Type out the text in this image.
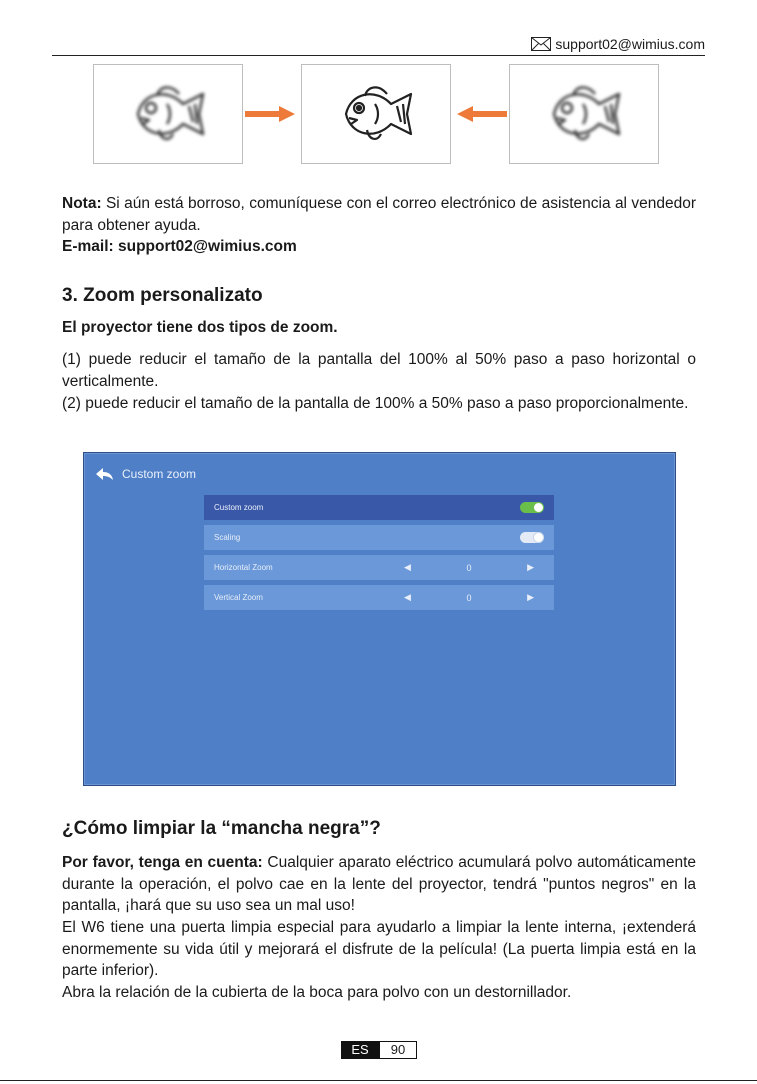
support02@wimius.com
Nota: Si aún está borroso, comuníquese con el correo electrónico de asistencia al vendedor para obtener ayuda.
E-mail: support02@wimius.com
3. Zoom personalizato
El proyector tiene dos tipos de zoom.
(1) puede reducir el tamaño de la pantalla del 100% al 50% paso a paso horizontal o verticalmente.
(2) puede reducir el tamaño de la pantalla de 100% a 50% paso a paso proporcionalmente.
Custom zoom
Custom zoom
Scaling
Horizontal Zoom	◀	0	▶
Vertical Zoom	◀	0	▶
¿Cómo limpiar la “mancha negra”?
Por favor, tenga en cuenta: Cualquier aparato eléctrico acumulará polvo automáticamente durante la operación, el polvo cae en la lente del proyector, tendrá "puntos negros" en la pantalla, ¡hará que su uso sea un mal uso!
El W6 tiene una puerta limpia especial para ayudarlo a limpiar la lente interna, ¡extenderá enormemente su vida útil y mejorará el disfrute de la película! (La puerta limpia está en la parte inferior).
Abra la relación de la cubierta de la boca para polvo con un destornillador.
ES	90
